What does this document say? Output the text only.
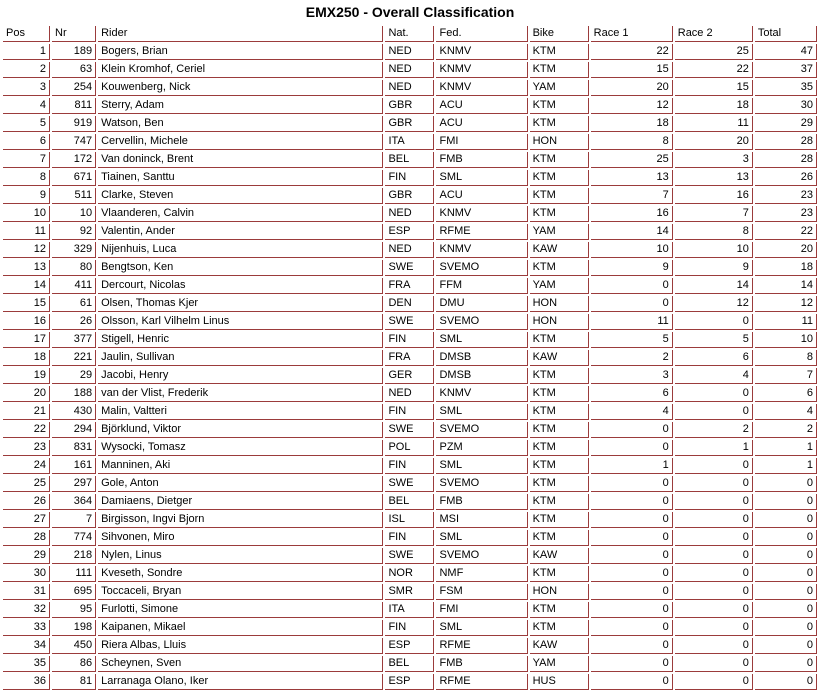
EMX250 - Overall Classification
Pos	Nr	Rider	Nat.	Fed.	Bike	Race 1	Race 2	Total
1	189	Bogers, Brian	NED	KNMV	KTM	22	25	47
2	63	Klein Kromhof, Ceriel	NED	KNMV	KTM	15	22	37
3	254	Kouwenberg, Nick	NED	KNMV	YAM	20	15	35
4	811	Sterry, Adam	GBR	ACU	KTM	12	18	30
5	919	Watson, Ben	GBR	ACU	KTM	18	11	29
6	747	Cervellin, Michele	ITA	FMI	HON	8	20	28
7	172	Van doninck, Brent	BEL	FMB	KTM	25	3	28
8	671	Tiainen, Santtu	FIN	SML	KTM	13	13	26
9	511	Clarke, Steven	GBR	ACU	KTM	7	16	23
10	10	Vlaanderen, Calvin	NED	KNMV	KTM	16	7	23
11	92	Valentin, Ander	ESP	RFME	YAM	14	8	22
12	329	Nijenhuis, Luca	NED	KNMV	KAW	10	10	20
13	80	Bengtson, Ken	SWE	SVEMO	KTM	9	9	18
14	411	Dercourt, Nicolas	FRA	FFM	YAM	0	14	14
15	61	Olsen, Thomas Kjer	DEN	DMU	HON	0	12	12
16	26	Olsson, Karl Vilhelm Linus	SWE	SVEMO	HON	11	0	11
17	377	Stigell, Henric	FIN	SML	KTM	5	5	10
18	221	Jaulin, Sullivan	FRA	DMSB	KAW	2	6	8
19	29	Jacobi, Henry	GER	DMSB	KTM	3	4	7
20	188	van der Vlist, Frederik	NED	KNMV	KTM	6	0	6
21	430	Malin, Valtteri	FIN	SML	KTM	4	0	4
22	294	Björklund, Viktor	SWE	SVEMO	KTM	0	2	2
23	831	Wysocki, Tomasz	POL	PZM	KTM	0	1	1
24	161	Manninen, Aki	FIN	SML	KTM	1	0	1
25	297	Gole, Anton	SWE	SVEMO	KTM	0	0	0
26	364	Damiaens, Dietger	BEL	FMB	KTM	0	0	0
27	7	Birgisson, Ingvi Bjorn	ISL	MSI	KTM	0	0	0
28	774	Sihvonen, Miro	FIN	SML	KTM	0	0	0
29	218	Nylen, Linus	SWE	SVEMO	KAW	0	0	0
30	111	Kveseth, Sondre	NOR	NMF	KTM	0	0	0
31	695	Toccaceli, Bryan	SMR	FSM	HON	0	0	0
32	95	Furlotti, Simone	ITA	FMI	KTM	0	0	0
33	198	Kaipanen, Mikael	FIN	SML	KTM	0	0	0
34	450	Riera Albas, Lluis	ESP	RFME	KAW	0	0	0
35	86	Scheynen, Sven	BEL	FMB	YAM	0	0	0
36	81	Larranaga Olano, Iker	ESP	RFME	HUS	0	0	0
